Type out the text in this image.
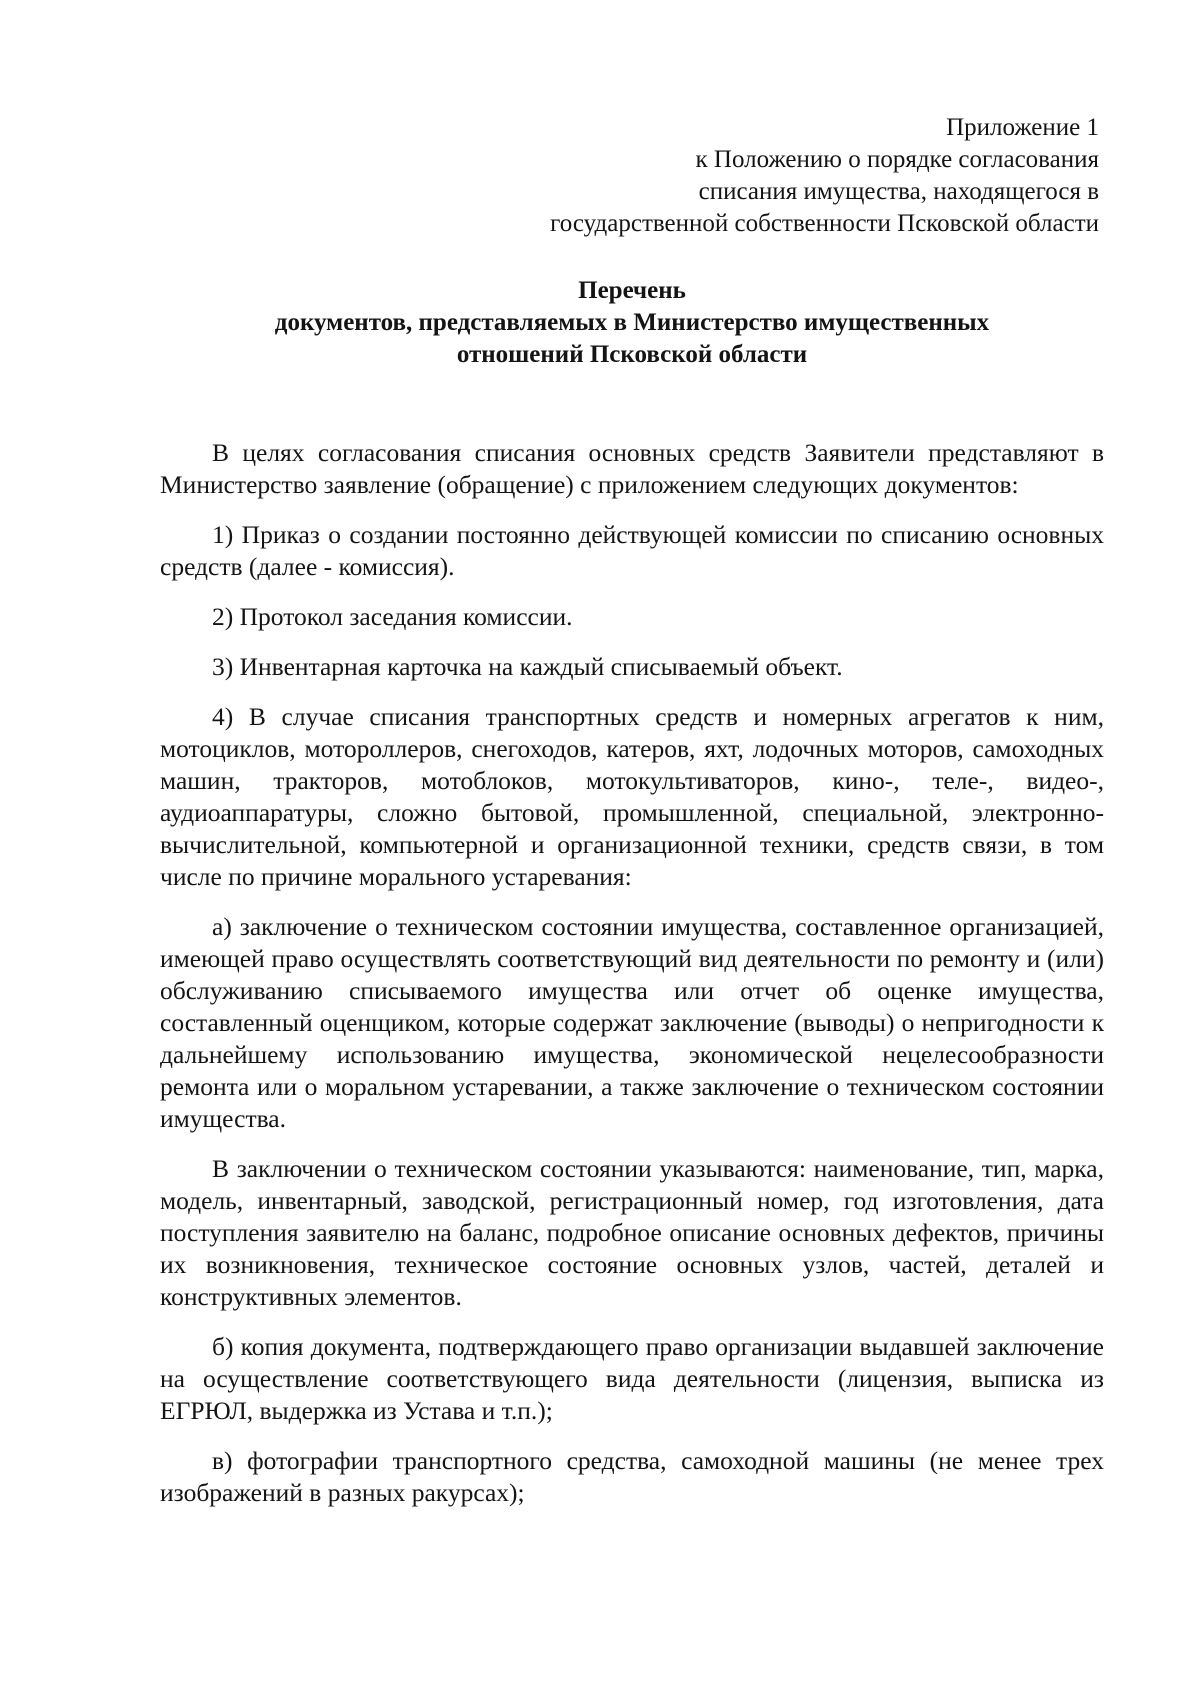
Приложение 1
к Положению о порядке согласования
списания имущества, находящегося в
государственной собственности Псковской области
Перечень
документов, представляемых в Министерство имущественных
отношений Псковской области

В целях согласования списания основных средств Заявители представляют в Министерство заявление (обращение) с приложением следующих документов:

1) Приказ о создании постоянно действующей комиссии по списанию основных средств (далее - комиссия).

2) Протокол заседания комиссии.

3) Инвентарная карточка на каждый списываемый объект.

4) В случае списания транспортных средств и номерных агрегатов к ним, мотоциклов, мотороллеров, снегоходов, катеров, яхт, лодочных моторов, самоходных машин, тракторов, мотоблоков, мотокультиваторов, кино-, теле-, видео-, аудиоаппаратуры, сложно бытовой, промышленной, специальной, электронно-вычислительной, компьютерной и организационной техники, средств связи, в том числе по причине морального устаревания:

а) заключение о техническом состоянии имущества, составленное организацией, имеющей право осуществлять соответствующий вид деятельности по ремонту и (или) обслуживанию списываемого имущества или отчет об оценке имущества, составленный оценщиком, которые содержат заключение (выводы) о непригодности к дальнейшему использованию имущества, экономической нецелесообразности ремонта или о моральном устаревании, а также заключение о техническом состоянии имущества.

В заключении о техническом состоянии указываются: наименование, тип, марка, модель, инвентарный, заводской, регистрационный номер, год изготовления, дата поступления заявителю на баланс, подробное описание основных дефектов, причины их возникновения, техническое состояние основных узлов, частей, деталей и конструктивных элементов.

б) копия документа, подтверждающего право организации выдавшей заключение на осуществление соответствующего вида деятельности (лицензия, выписка из ЕГРЮЛ, выдержка из Устава и т.п.);

в) фотографии транспортного средства, самоходной машины (не менее трех изображений в разных ракурсах);
